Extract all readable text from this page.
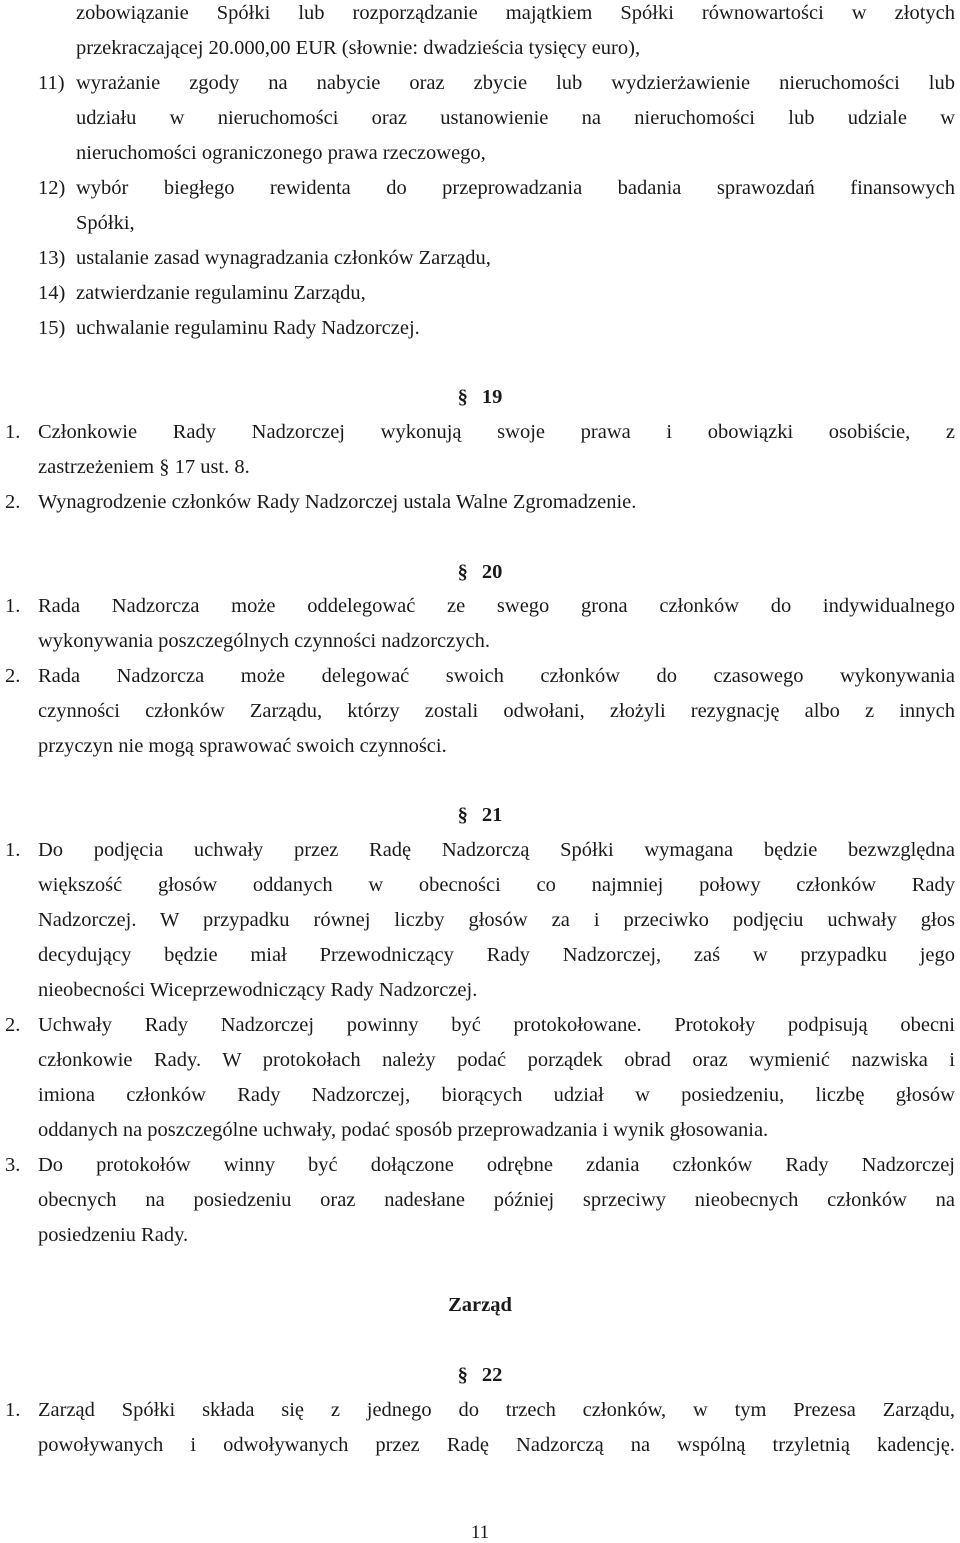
zobowiązanie Spółki lub rozporządzanie majątkiem Spółki równowartości w złotych
przekraczającej 20.000,00 EUR (słownie: dwadzieścia tysięcy euro),
11) wyrażanie zgody na nabycie oraz zbycie lub wydzierżawienie nieruchomości lub
udziału w nieruchomości oraz ustanowienie na nieruchomości lub udziale w
nieruchomości ograniczonego prawa rzeczowego,
12) wybór biegłego rewidenta do przeprowadzania badania sprawozdań finansowych
Spółki,
13) ustalanie zasad wynagradzania członków Zarządu,
14) zatwierdzanie regulaminu Zarządu,
15) uchwalanie regulaminu Rady Nadzorczej.
§ 19
1. Członkowie Rady Nadzorczej wykonują swoje prawa i obowiązki osobiście, z
zastrzeżeniem § 17 ust. 8.
2. Wynagrodzenie członków Rady Nadzorczej ustala Walne Zgromadzenie.
§ 20
1. Rada Nadzorcza może oddelegować ze swego grona członków do indywidualnego
wykonywania poszczególnych czynności nadzorczych.
2. Rada Nadzorcza może delegować swoich członków do czasowego wykonywania
czynności członków Zarządu, którzy zostali odwołani, złożyli rezygnację albo z innych
przyczyn nie mogą sprawować swoich czynności.
§ 21
1. Do podjęcia uchwały przez Radę Nadzorczą Spółki wymagana będzie bezwzględna
większość głosów oddanych w obecności co najmniej połowy członków Rady
Nadzorczej. W przypadku równej liczby głosów za i przeciwko podjęciu uchwały głos
decydujący będzie miał Przewodniczący Rady Nadzorczej, zaś w przypadku jego
nieobecności Wiceprzewodniczący Rady Nadzorczej.
2. Uchwały Rady Nadzorczej powinny być protokołowane. Protokoły podpisują obecni
członkowie Rady. W protokołach należy podać porządek obrad oraz wymienić nazwiska i
imiona członków Rady Nadzorczej, biorących udział w posiedzeniu, liczbę głosów
oddanych na poszczególne uchwały, podać sposób przeprowadzania i wynik głosowania.
3. Do protokołów winny być dołączone odrębne zdania członków Rady Nadzorczej
obecnych na posiedzeniu oraz nadesłane później sprzeciwy nieobecnych członków na
posiedzeniu Rady.
Zarząd
§ 22
1. Zarząd Spółki składa się z jednego do trzech członków, w tym Prezesa Zarządu,
powoływanych i odwoływanych przez Radę Nadzorczą na wspólną trzyletnią kadencję.
11
